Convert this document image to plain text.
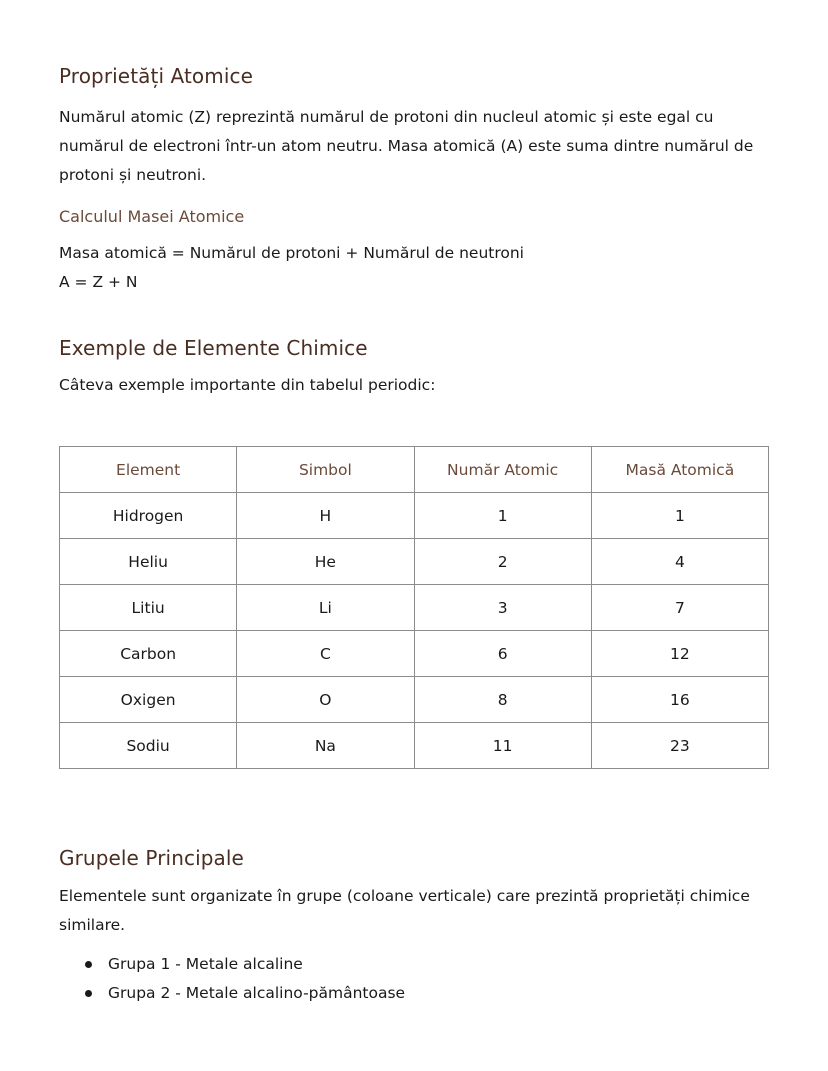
Proprietăți Atomice

Numărul atomic (Z) reprezintă numărul de protoni din nucleul atomic și este egal cu numărul de electroni într-un atom neutru. Masa atomică (A) este suma dintre numărul de protoni și neutroni.

Calculul Masei Atomice

Masa atomică = Numărul de protoni + Numărul de neutroni

A = Z + N

Exemple de Elemente Chimice

Câteva exemple importante din tabelul periodic:

Element	Simbol	Număr Atomic	Masă Atomică
Hidrogen	H	1	1
Heliu	He	2	4
Litiu	Li	3	7
Carbon	C	6	12
Oxigen	O	8	16
Sodiu	Na	11	23
Grupele Principale

Elementele sunt organizate în grupe (coloane verticale) care prezintă proprietăți chimice similare.

Grupa 1 - Metale alcaline
Grupa 2 - Metale alcalino-pământoase
